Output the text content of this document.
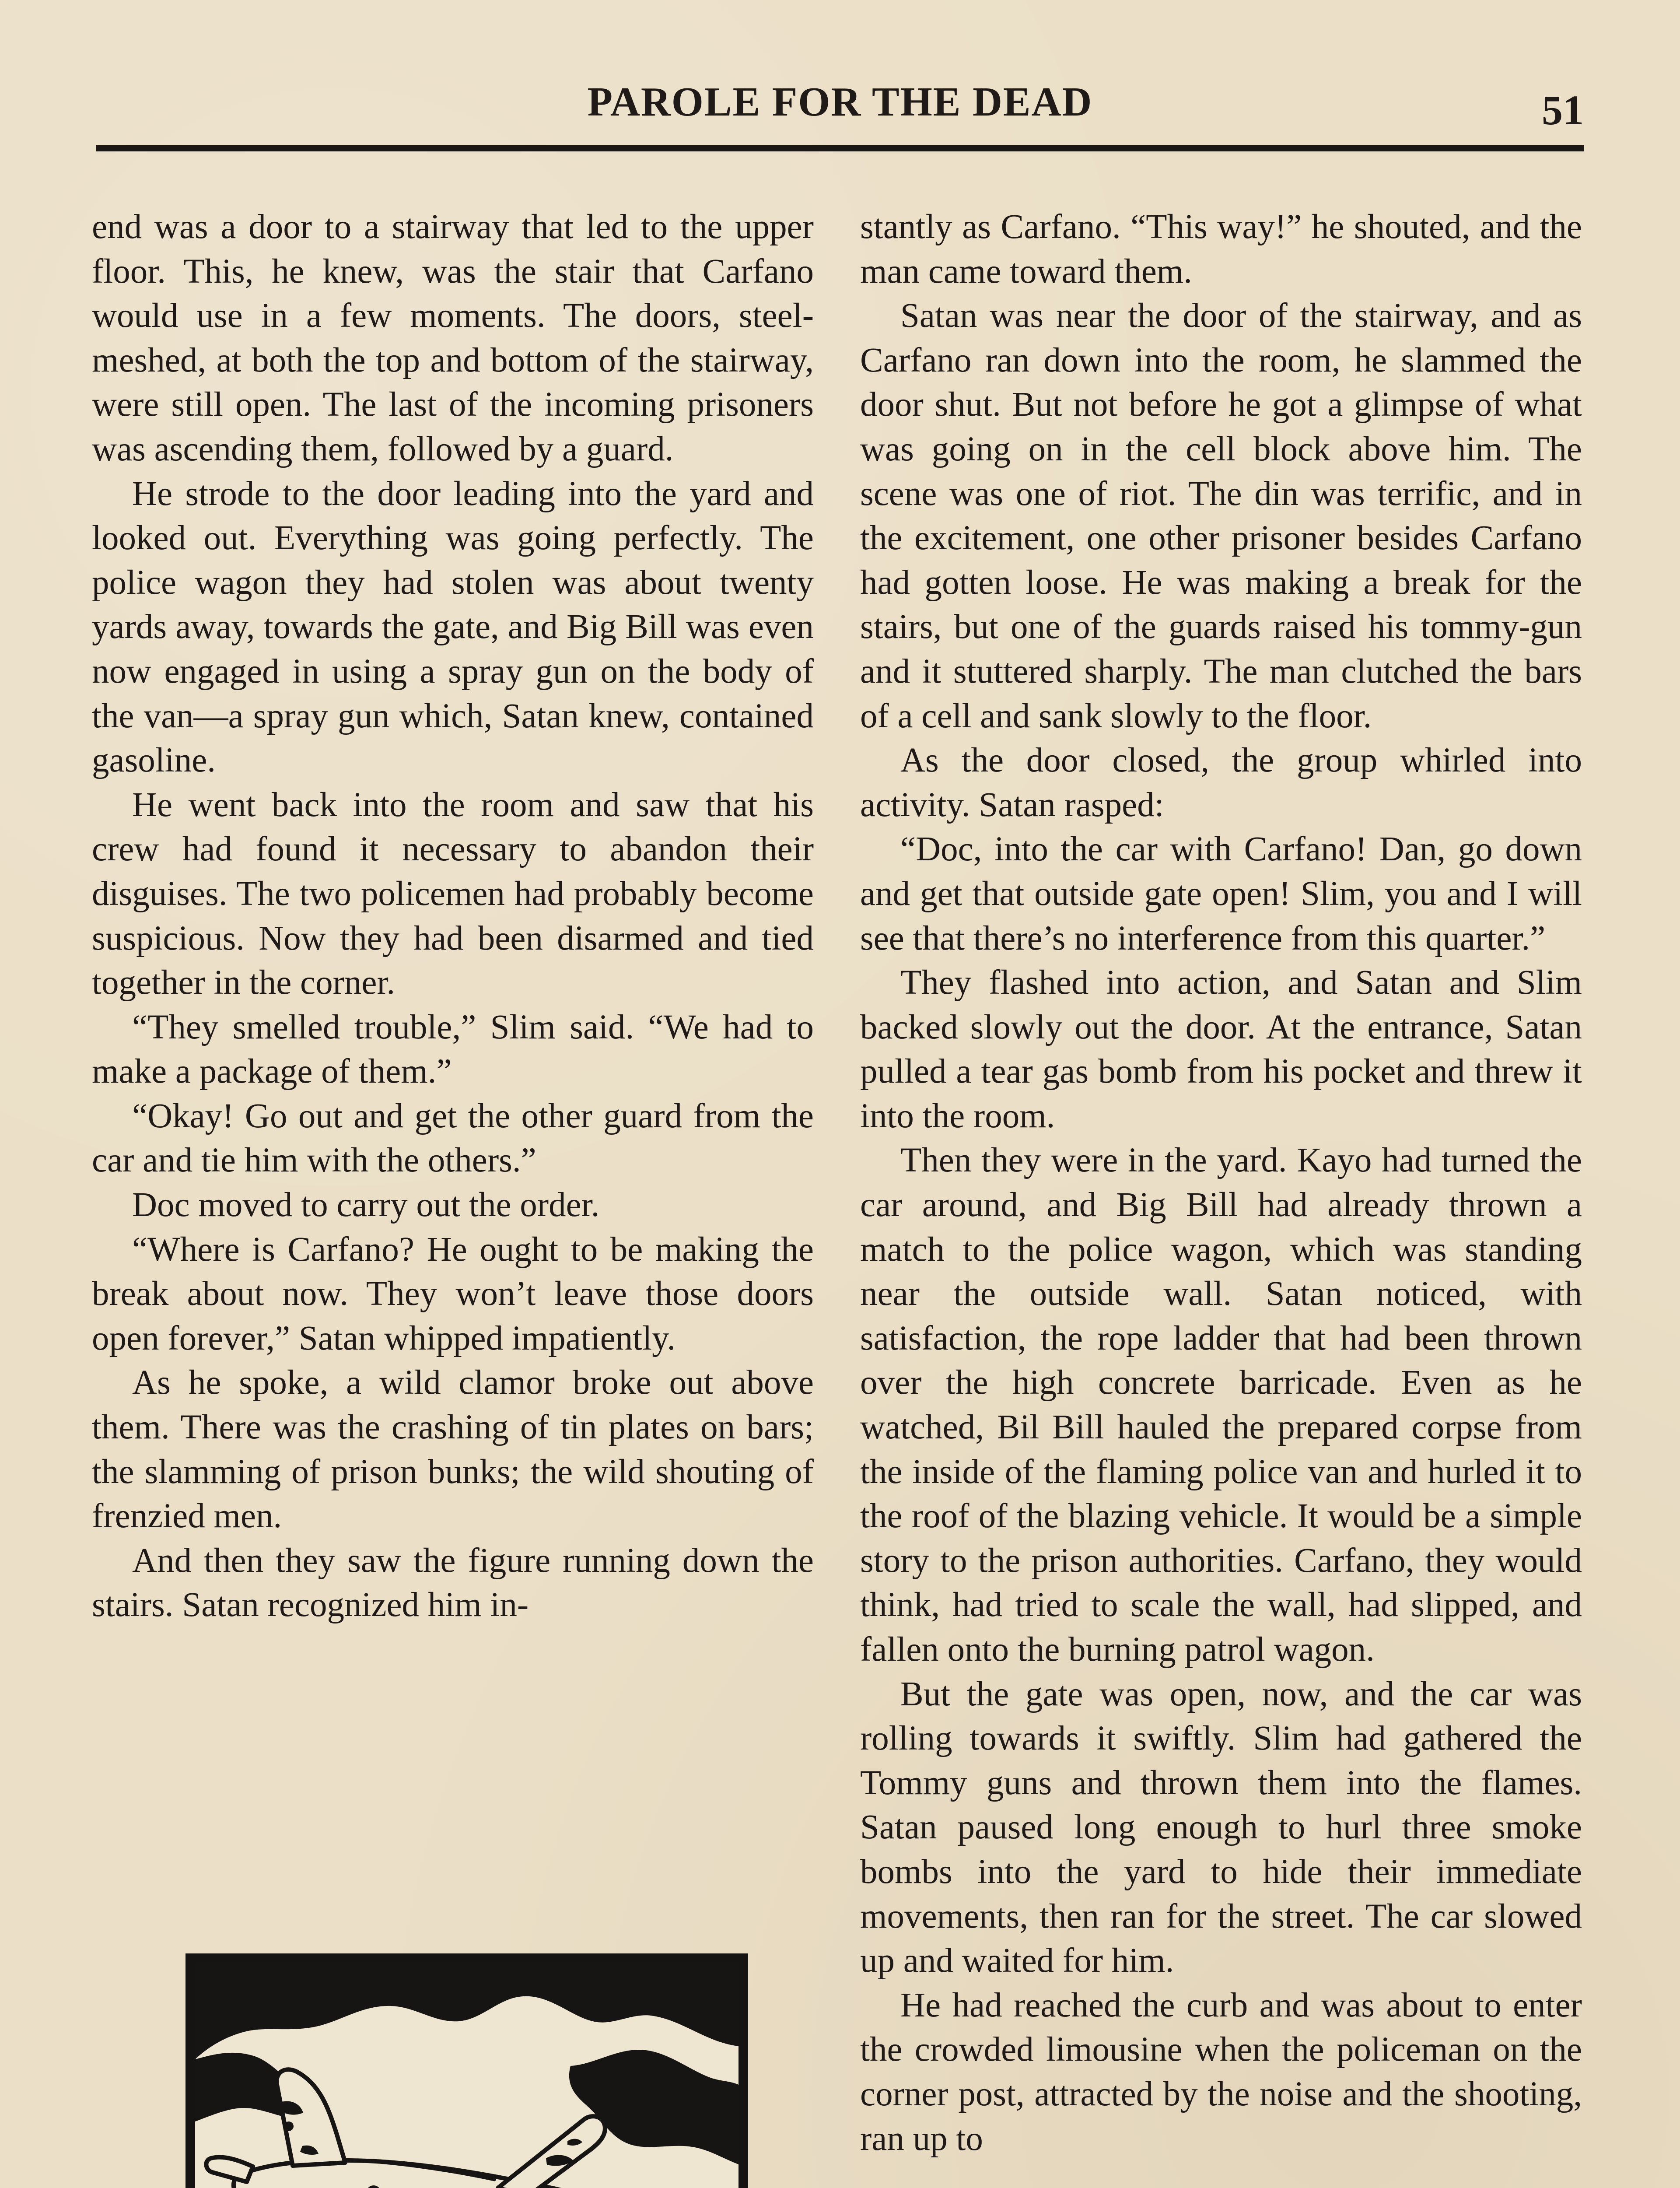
PAROLE FOR THE DEAD	51

end was a door to a stairway that led to the upper floor. This, he knew, was the stair that Carfano would use in a few moments. The doors, steel-meshed, at both the top and bottom of the stairway, were still open. The last of the incoming prisoners was ascending them, followed by a guard.

He strode to the door leading into the yard and looked out. Everything was going perfectly. The police wagon they had stolen was about twenty yards away, towards the gate, and Big Bill was even now engaged in using a spray gun on the body of the van—a spray gun which, Satan knew, contained gasoline.

He went back into the room and saw that his crew had found it necessary to abandon their disguises. The two policemen had probably become suspicious. Now they had been disarmed and tied together in the corner.

“They smelled trouble,” Slim said. “We had to make a package of them.”

“Okay! Go out and get the other guard from the car and tie him with the others.”

Doc moved to carry out the order.

“Where is Carfano? He ought to be making the break about now. They won’t leave those doors open forever,” Satan whipped impatiently.

As he spoke, a wild clamor broke out above them. There was the crashing of tin plates on bars; the slamming of prison bunks; the wild shouting of frenzied men.

And then they saw the figure running down the stairs. Satan recognized him in-

stantly as Carfano. “This way!” he shouted, and the man came toward them.

Satan was near the door of the stairway, and as Carfano ran down into the room, he slammed the door shut. But not before he got a glimpse of what was going on in the cell block above him. The scene was one of riot. The din was terrific, and in the excitement, one other prisoner besides Carfano had gotten loose. He was making a break for the stairs, but one of the guards raised his tommy-gun and it stuttered sharply. The man clutched the bars of a cell and sank slowly to the floor.

As the door closed, the group whirled into activity. Satan rasped:

“Doc, into the car with Carfano! Dan, go down and get that outside gate open! Slim, you and I will see that there’s no interference from this quarter.”

They flashed into action, and Satan and Slim backed slowly out the door. At the entrance, Satan pulled a tear gas bomb from his pocket and threw it into the room.

Then they were in the yard. Kayo had turned the car around, and Big Bill had already thrown a match to the police wagon, which was standing near the outside wall. Satan noticed, with satisfaction, the rope ladder that had been thrown over the high concrete barricade. Even as he watched, Bil Bill hauled the prepared corpse from the inside of the flaming police van and hurled it to the roof of the blazing vehicle. It would be a simple story to the prison authorities. Carfano, they would think, had tried to scale the wall, had slipped, and fallen onto the burning patrol wagon.

But the gate was open, now, and the car was rolling towards it swiftly. Slim had gathered the Tommy guns and thrown them into the flames. Satan paused long enough to hurl three smoke bombs into the yard to hide their immediate movements, then ran for the street. The car slowed up and waited for him.

He had reached the curb and was about to enter the crowded limousine when the policeman on the corner post, attracted by the noise and the shooting, ran up to
